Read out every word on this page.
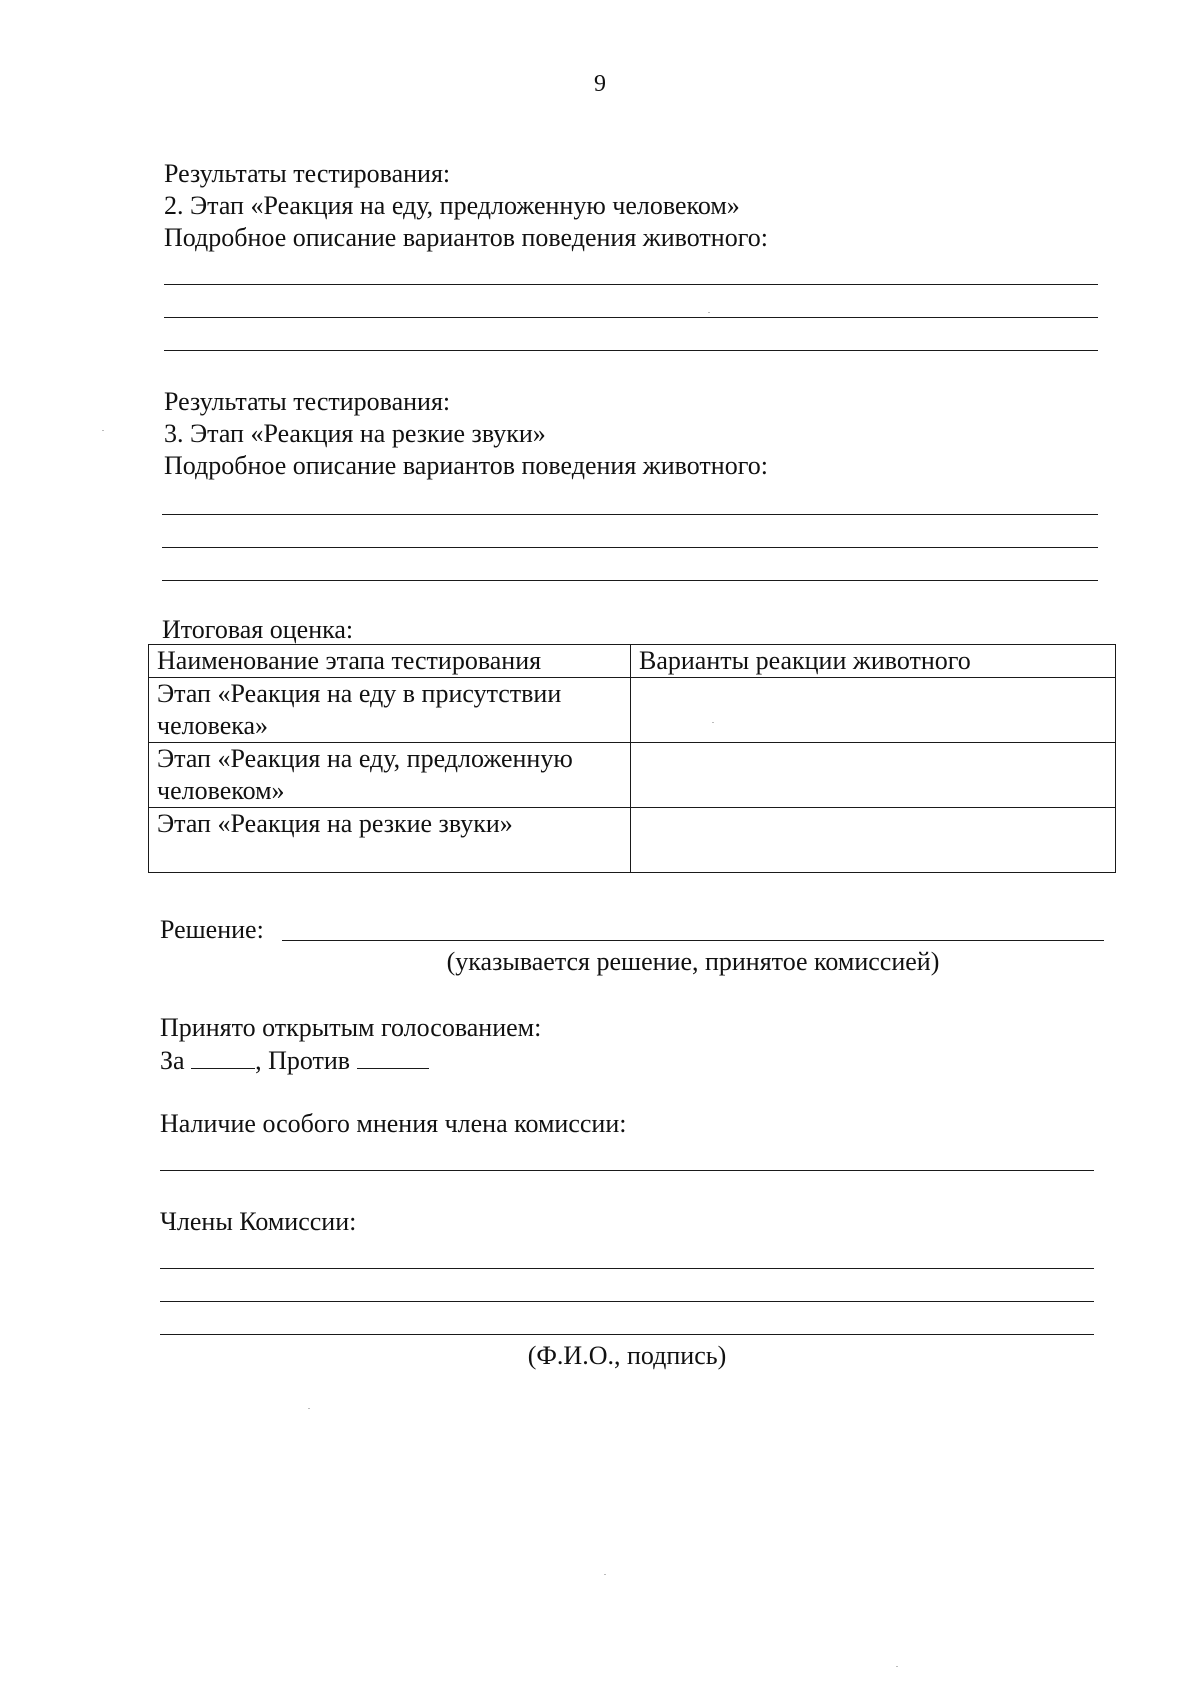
9
Результаты тестирования:
2. Этап «Реакция на еду, предложенную человеком»
Подробное описание вариантов поведения животного:
Результаты тестирования:
3. Этап «Реакция на резкие звуки»
Подробное описание вариантов поведения животного:
Итоговая оценка:
Наименование этапа тестирования	Варианты реакции животного
Этап «Реакция на еду в присутствии человека»	
Этап «Реакция на еду, предложенную человеком»	
Этап «Реакция на резкие звуки»	
Решение:
(указывается решение, принятое комиссией)
Принято открытым голосованием:
За	, Против
Наличие особого мнения члена комиссии:
Члены Комиссии:
(Ф.И.О., подпись)
